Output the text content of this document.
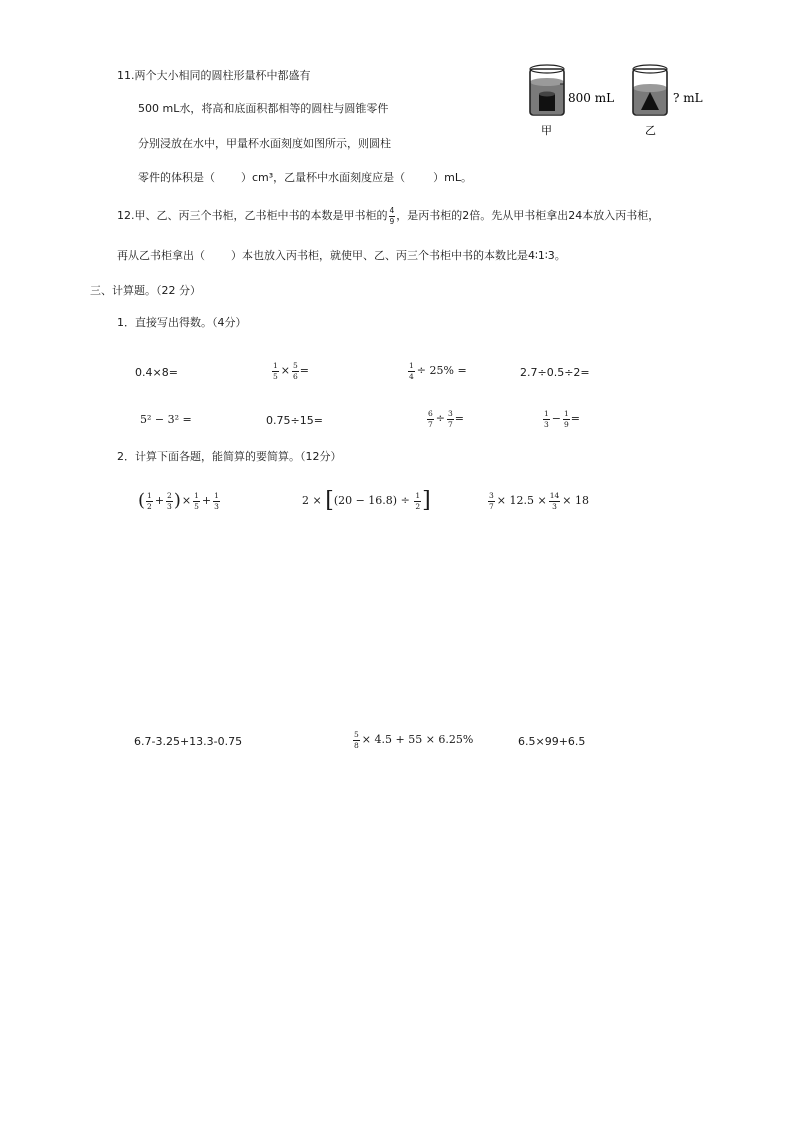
11.两个大小相同的圆柱形量杯中都盛有
500 mL水，将高和底面积都相等的圆柱与圆锥零件
分别浸放在水中，甲量杯水面刻度如图所示，则圆柱
零件的体积是（ ）cm³，乙量杯中水面刻度应是（	）mL。
800 mL
甲
? mL
乙
12.甲、乙、丙三个书柜，乙书柜中书的本数是甲书柜的 $\frac{4}{9}$ ，是丙书柜的2倍。先从甲书柜拿出24本放入丙书柜，
再从乙书柜拿出（ ）本也放入丙书柜，就使甲、乙、丙三个书柜中书的本数比是4∶1∶3。
三、计算题。（22 分）
1．直接写出得数。（4分）
0.4×8=	$\frac{1}{5} \times \frac{5}{6}$ =	$\frac{1}{4} \div 25\%$ =	2.7÷0.5÷2=
5² − 3² =	0.75÷15=	$\frac{6}{7} \div \frac{3}{7}$ =	$\frac{1}{3} - \frac{1}{9}$ =
2．计算下面各题，能简算的要简算。（12分）
( $\frac{1}{2} + \frac{2}{3}$ )× $\frac{1}{5} + \frac{1}{3}$	$2 \times [(20 - 16.8) \div \frac{1}{2}$ ]	$\frac{3}{7} \times 12.5 \times \frac{14}{3} \times 18$
6.7-3.25+13.3-0.75	$\frac{5}{8} \times 4.5 + 55 \times 6.25\%$	6.5×99+6.5
